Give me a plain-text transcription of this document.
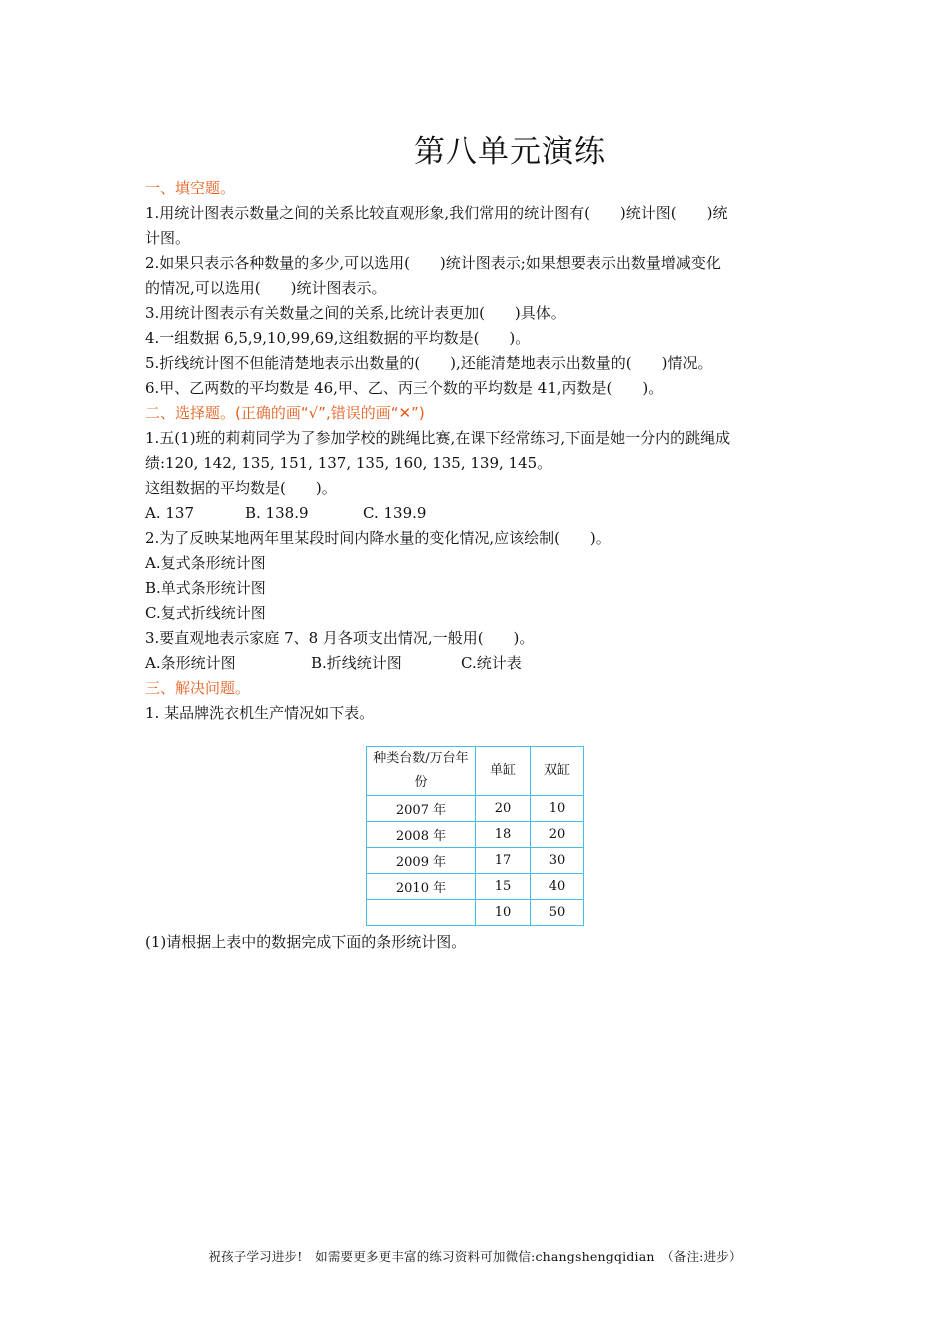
第八单元演练
一、填空题。
1.用统计图表示数量之间的关系比较直观形象,我们常用的统计图有(　　)统计图(　　)统
计图。
2.如果只表示各种数量的多少,可以选用(　　)统计图表示;如果想要表示出数量增减变化
的情况,可以选用(　　)统计图表示。
3.用统计图表示有关数量之间的关系,比统计表更加(　　)具体。
4.一组数据 6,5,9,10,99,69,这组数据的平均数是(　　)。
5.折线统计图不但能清楚地表示出数量的(　　),还能清楚地表示出数量的(　　)情况。
6.甲、乙两数的平均数是 46,甲、乙、丙三个数的平均数是 41,丙数是(　　)。
二、选择题。(正确的画“√”,错误的画“✕”)
1.五(1)班的莉莉同学为了参加学校的跳绳比赛,在课下经常练习,下面是她一分内的跳绳成
绩:120, 142, 135, 151, 137, 135, 160, 135, 139, 145。
这组数据的平均数是(　　)。
A. 137	B. 138.9	C. 139.9
2.为了反映某地两年里某段时间内降水量的变化情况,应该绘制(　　)。
A.复式条形统计图
B.单式条形统计图
C.复式折线统计图
3.要直观地表示家庭 7、8 月各项支出情况,一般用(　　)。
A.条形统计图	B.折线统计图	C.统计表
三、解决问题。
1. 某品牌洗衣机生产情况如下表。
种类台数/万台年
份	单缸	双缸
2007 年	20	10
2008 年	18	20
2009 年	17	30
2010 年	15	40
	10	50
(1)请根据上表中的数据完成下面的条形统计图。
祝孩子学习进步!　如需要更多更丰富的练习资料可加微信:changshengqidian　（备注:进步）
